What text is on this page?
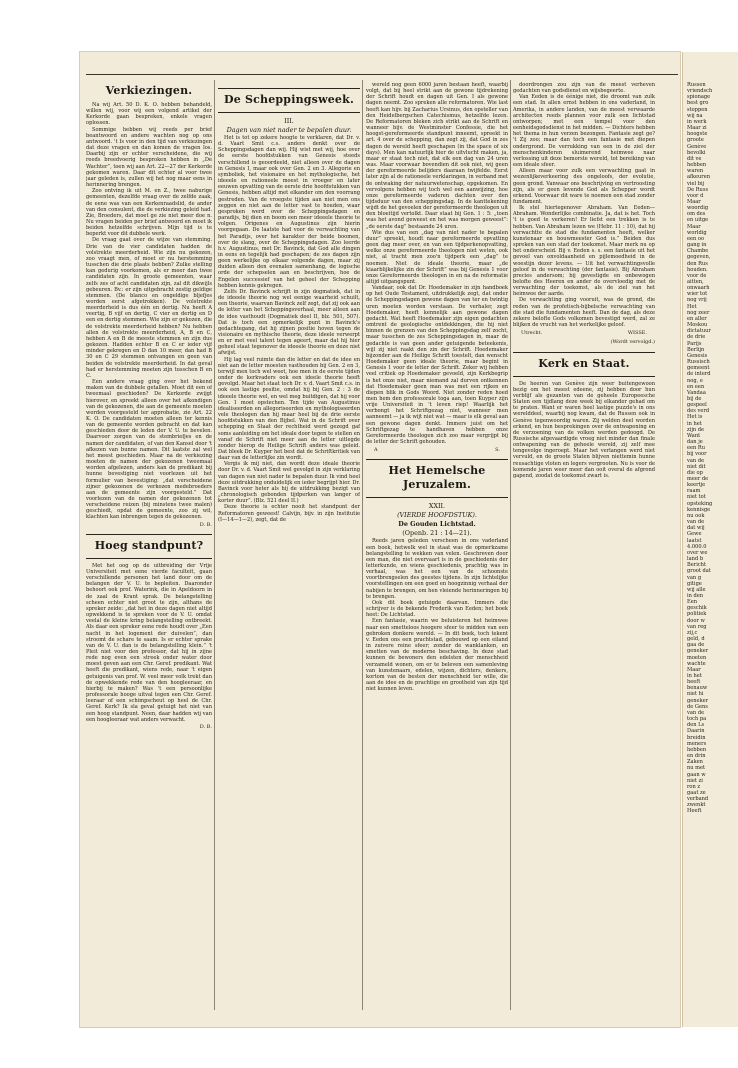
Verkiezingen.

Na wij Art. 50 D. K. O. hebben behandeld, willen wij, voor wij een volgend artikel der Kerkorde gaan bespreken, enkele vragen oplossen.

Sommige hebben wij reeds per brief beantwoord en andere wachten nog op ons antwoord. 't Is voor in den tijd van verkiezingen dat deze vragen en dan komen de vragen los. Daarbij zijn er echter verscheidene, die wij reeds breedvoerig besproken hebben in „De Wachter”, toen wij aan Art. 22—27 der Kerkorde gekomen waren. Daar dit echter al voor twee jaar geleden is, zullen wij het nog maar eens in herinnering brengen.

Zoo ontving ik uit M. en Z., twee naburige gemeenten, dezelfde vraag over de zelfde zaak, de eene was van een Kerkenraadslid, de ander van den consulent, die de verkiezing geleid had. Zie, Broeders, dat moet ge zie niet meer doe n. Nu vragen beiden per brief antwoord en moet ik beiden hetzelfde schrijven. Mijn tijd is te beperkt voor dit dubbele werk.

De vraag gaat over de wijze van stemming. Drie van de vier candidaten hadden de volstrekte meerderheid. Wie zijn nu gekozen, zoo vraagt men, of moet er nu herstemming tusschen die drie plaats hebben? Zulke stelling kan gedurig voorkomen, als er meer dan twee candidaten zijn. In groote gemeenten, waar zelfs zes of acht candidaten zijn, zal dit dikwijls gebeuren. Bv.: er zijn uitgebracht zestig geldige stemmen. (De blanco en ongeldige bljefjes worden eerst afgetrokken). De volstrekte meerderheid is dus één en dertig. Nu heeft A veertig, B vijf en dertig, C vier en dertig en D een en dertig stemmen. Wie zijn er gekozen, die de volstrekte meerderheid hebben? Nu hebben allen de volstrekte meerderheid, A, B en C, hebben A en B de meeste stemmen en zijn dus gekozen. Hadden echter B en C er ieder vijf minder gekregen en D dan 10 meer, dan had B 30 en C 29 stemmen ontvangen en geen van beiden de volstrekte meerderheid. In dat geval had er herstemming moeten zijn tusschen B en C.

Een andere vraag ging over het bekend maken van de dubbele getallen. Moet dit een of tweemaal geschieden? De Kerkorde zwijgt hierover, en spreekt alleen over het afkondigen van de gekozenen, die aan de gemeente moeten worden voorgesteld ter approbatie, zie Art. 22 K. O. De candidaten moeten alleen ter kennis van de gemeente worden gebracht en dat kan geschieden door de leden der V. U. te bevelen. Daarvoor zorgen van de stembriefjes en de namen der candidaten, of van den Kansel door 't afkezen van bunne namen. Dit laatste zal wel het meest geschieden. Maar na de verkiezing moeten de namen der gekozenen tweemaal worden afgelezen, anders kan de predikant bij hunne bevestiging niet voorlezen uit het formulier van bevestiging: „dat verscheidene zijner gekozenen de verkozen medebroeders aan de gemeente zijn voorgesteld.” Dat voorlezen van de namen der gekozenen tot verscheidene reizen (bij minstens twee malen) geschiedt, opdat de gemeente, zoo zij wil, klachten kan inbrengen tegen de gekozenen.

D. B.
Hoeg standpunt?

Met het oog op de uitbreiding der Vrije Universiteit met eene vierde faculteit, gaan verschillende personen het land door om de belangen der V. U. te bepleiten. Daaronder behoort ook prof. Waterink, die in Apeldoorn in de zaal de Krant sprak. De belangstelling scheen echter niet groot te zijn, althans de spreker zeide: „dat het in deze dagen niet altijd opwekkend is te spreken voor de V. U. omdat veelal de kleine kring belangstelling ontbreekt. Als daar een spreker eene rede houdt over „Een nacht in het logement der duivelen”, dan stroomt de schare te saam. Is er echter sprake van de V. U. dan is de belangstelling klein.” 't Pleit niet voor den professor, dat hij in zijne rede nog even een streek onder water door moest geven aan een Chr. Geref. predikant. Wat heeft die predikant, wiens rede, naar 't eigen getuigenis van prof. W. veel meer volk trekt dan de opwekkende rede van den hoogleeraar, en hierbij te maken? Was 't een persoonlijke professorale hooge uitval tegen een Chr. Geref. leeraar of een schimpscheut op heel de Chr. Geref. Kerk? Ik sla geval getuigt het niet van een hoog standpunt. Neen, daar hadden wij van een hoogleeraar wat anders verwacht.

D. B.
De Scheppingsweek.
III.
Dagen van niet nader te bepalen duur.

Het is tot op zekere hoogte te verklaren, dat Dr. v. d. Vaart Smit c.s. anders denkt over de Scheppingsdagen dan wij. Hij wist met wij, hoe over de eerste hoofdstukken van Genesis steeds verschillend is geoordeeld, niet alleen over de dagen in Genesis I, maar ook over Gen. 2 en 3. Allegorie en symboliek, het visionaire en het mythologische, het ideeele en rationeele moest in vroeger en later eeuwen opvatting van de eerste drie hoofdstukken van Genesis, hebben altijd met elkander om den voorrang gestreden. Van de vroegste tijden aan niet men ons zeggen en niet aan de letter vast te houden, waar gesproken werd over de Scheppingsdagen en paradijs, bij dien en boom een meer ideeele theorie te volgen. Origenes en Augustinus zijn hierin voorgegaan. De laatste had voor de verwachting van het Paradijs, over het karakter der beide boomen, over de slang, over de Scheppingsdagen. Zoo leerde h.v. Augustinus, met Dr. Bavinck, dat God alle dingen in eens en tegelijk had geschapen; de zes dagen zijn geen werkelijke op elkaar volgende dagen, maar zij duiden alleen den evenalen samenhang, de logische orde der schepselen aan en beschrijven, hoe de Engelen successief van het geheel der Schepping hebben kennis gekregen.

Zelfs Dr. Bavinck schrijft in zijn dogmatiek, dat in de ideeele theorie nog wel eenige waarheid schuilt, een theorie, waarvan Bavinck zelf zegt, dat zij ook aan de letter van het Scheppingsverhaal, meer alleen aan de idee vasthoudt (Dogmatiek deel II, blz. 501, 507). Dat is toch een opmerkelijk punt in Bavinck's gedachtegang, dat hij zijnen positie hoven tegen de visionaire en mythische theorie, deze ideele verwerpt en er met veel talent tegen ageert, maar dat hij hier geheel staat tegenover de ideeele theorie en deze niet afwijst.

Hij lag veel ruimte dan die letter en dat de idee en niet aan de letter moesten vasthouden bij Gen. 2 en 3, terwijl men toch wel weet, hoe men in de eerste tijden onder de kerkvaders ook een ideele theorie heeft gevolgd. Maar het staat toch Dr. v. d. Vaart Smit c.s. in ook een lastige positie, omdat hij bij Gen. 2 : 3 de ideeele theorie wel, en wel meg buitdigen, dat hij voor Gen. 1 moet opstechen. Ten tijde van Augustinus idealiseerden en allegoriseerden en mythologiseerden vele theologen dan hij maar heel bij de drie eerste hoofdstukken van den Bijbel. Wat in de Schrift over schepping en Staat der rechtheid werd gezegd gaf soms aanleiding om het ideale door tegen te stellen en vanaf de Schrift niet meer aan de letter uitlegde zonder hierop de Heilige Schrift anders was geleid. Dat bleek Dr. Kuyper het best dat de Schriftkritiek van daar van de letterlijke zin wordt.

Vergis ik mij niet, dan wordt deze ideale theorie door Dr. v. d. Vaart Smit wel gevolgd in zijn verklaring van dagen van niet nader te bepalen duur. Ik vind heel deze uitdrukking onduidelijk en ieder begrijpt hier. Dr. Bavinck voor heter als hij de uitdrukking bezigt van „chronologisch gebonden tijdperken van langer of korter duur”. (Blz. 521 deel II.)

Deze theorie is echter nooit het standpunt der Reformatoren geweest! Calvijn, bijv. in zijn Institutie (I—14—1—2), zegt, dat de

wereld nog geen 6000 jaren bestaan heeft, waarbij volgt, dat bij heel strikt aan de gewone tijdrekening der Schrift houdt en dagen uit Gen. I als gewone dagen neemt. Zoo spreken alle reformatoren. Wie last heeft kan hijv. bij Zacharius Ursinus, den opsteller van den Heidelbergschen Catechismus, hetzelfde lezen. De Reformatoren bleken zich strikt aan de Schrift en wanneer bijv. de Westminster Confessie, die het hoogst-gereformeerde standpunt inneemt, spreekt in art. 4 over de schepping, dan zegt zij, dat God in zes dagen de wereld heeft geschapen (in the space of six days). Men kan natuurlijk hier de uitvlucht maken, ja, maar er staat toch niet, dat elk een dag van 24 uren was. Maar voorwaar bovendien dit ook niet, wij geen der gereformeerde belijders daaraan twijfelde. Eerst later zijn al de rationeele verklaringen, in verband met de ontwaking der natuurwetenschap, opgekomen. En vervolgens hebben wij toch wel een aanwijzing, hoe onze gereformeerde vaderen dachten over den tijdsduur van den scheppingsdag. In de kanttekening wijdt de het gevoelen der gereformeerde theologen uit den bloeitijd vertolkt. Daar staat bij Gen. 1 : 5: „toen was het avond geweest en het was morgen geweest”: „de eerste dag” bestaande 24 uren.

Wie dus van een „dag van niet nader te bepalen duur” spreekt, houdt naar gereformeerde opvatting geen dag meer over, en van een tijdperkenopvatting, welke onze gereformeerde theologen niet weten, ook niet, al tracht men zoo'n tijdperk een „dag” te noemen. Niet de ideale theorie, maar „de kiaarblijkelijke zin der Schrift” was bij Genesis 1 voor onze Gereformeerde theologen in en na de reformatie altijd uitgangspunt.

Vandaar, ook dat Dr. Hoedemaker in zijn handboek op het Oude Testament, uitdrukkelijk zegt, dat onder de Scheppingsdagen gewone dagen van ter en twintig uren moeten worden verstaan. De verhaler, zegt Hoedemaker, heeft kennelijk aan gewone dagen gedacht. Wat heeft Hoedemaker zijn eigen gedachten omtrent de geologische ontdekkingen, die hij niet binnen de grenzen van den Scheppingsdag zelf zocht, maar tusschen de zes Scheppingsdagen in, maar de gedachte is van geen ander getuigende beteekenis, wijl zij niet raakt den zin der Schrift. Hoedemaker bijzonder aan de Heilige Schrift toestelt, dan wenscht Hoedemaker geen ideale theorie, maar begint in Genesis 1 voor de letter der Schrift. Zeker wij hebben veel critiek op Hoedemaker gevoeld, zijn Kerkbegrip is het onze niet, maar niemand zal durven ontkennen dat Hoedemaker geen man was met een rijken en diepen blik in Gods Woord. Niet zonder reden hoed men hem den professorale toga aan, toen Kuyper zijn vrije Universiteit in 't leven riep! Waarlijk het verbongt het Schriftgezag niet, wanneer men aanneemt — ja ik wijt niet wat — maar is elk geval aan een gewone dagen denkt. Immers juist om het Schriftgezag te handhaven hebben onze Gereformeerde theologen zich zoo maar vergrijpt bij de letter der Schrift gehouden.

A	S.
Het Hemelsche Jeruzalem.
XXII.
(VIERDE HOOFDSTUK).
De Gouden Lichtstad.
(Openb. 21 : 14—21).

Reeds jaren geleden verscheen in ons vaderland een boek, hetwelk wel in staat was de opmerkzame belangstelling te wekken van velen. Geschreven door een man, die niet overvaart is in de geschiedenis der letterkunde, en wiens geschiedenis, prachtig was in verhaal, was het een van de schoonste voortbrengselen des geestes tijdens. In zijn lichtelijke voorstellingen om een goed en hoogzinnig verhaal der nabijen te brengen, om hen vleiende herinneringen bij te brengen.

Ook dit boek getuigde daarvan. Immers die schrijver is de bekende Frederik van Eeden; het boek heet: De Lichtstad.

Een fantasie, waarin we beluisteren het heimwee naar een smetteloos hoogere sfeer te midden van een gebroken donkere wereld. — In dit boek, toch tekent v. Eeden ons een prachtstad, gebouwd op een eiland in zuivere reine sfeer; zonder de wanklanken, en smetten van de moderne beschaving. In deze stad kunnen de bewoners den edelsten der menschheid verzameld wonen, om er te beleven een samenleving van kunstenaars, edelen, wijzen, dichters, denkers, kortom van de besten der menschheid ter wille, die aan de idee en de prachtige en grootheid van zijn tijd niet kunnen leven.

doordrongen zou zijn van de meest verheven gedachten van godsdienst en wijsbegeerte.

Van Eeden is de éénige niet, die droomt van zulk een stad. In allen ernst hebben in ons vaderland, in Amerika, in andere landen, van de meest verwaarde architecten reeds plannen voor zulk een lichtstad ontworpen; met een tempel voor den eenheidsgodsdienst in het midden. — Dichters hebben het thema in hun verzen bezongen. Fantasie zegt ge? 't Zij zoo; maar dan toch een fantasie met diepen ondergrond. De verrukking van een in de ziel der menschenkinderen sluimerend heimwee naar verlossing uit deze bemorste wereld, tot bereiking van een ideale sfeer.

Alleen maar voor zulk een verwachting gaat in wezenlijkeverkeering des ongeloofs, der evolutie, geen grond. Vanwaar ons beschrijving en vertroosting zijn, als er geen levende God als Schepper wordt erkend. Voorwaar dit ware te noemen een stad zonder fundament.

Ik stel hiertegenover Abraham. Van Eeden—Abraham. Wonderlijke combinatie. Ja, dat is het. Toch 't is goed te verkeren! Er liefst een trekken is te hebben. Van Abraham lezen we (Hebr. 11 : 10), dat hij verwachtte de stad die fundamenten heeft, welker kunstenaar en bouwmeester God is.” Beiden dus spreken van een stad der toekomst. Maar merk nu op het onderscheid. Bij v. Eeden s. s. een fantasie uit het gevoel van onvoldaanheid en pijlemoedheid in de woestijn dezer levens. — Uit het verwachtingsvolle geloof in de verwachting (der fantasie). Bij Abraham precies andersom; bij gevestigde en onbewogen belofte des Heeren en ander de overvloedig met de verwachting der toekomst, als de ziel van het heimwee der aarde.

De verwachting ging vooruit, was de grond, die reden van de profetisch-bijbelsche verwachting van die stad die fundamenten heeft. Dan de dag, als deze zekere belofte Gods volkomen bevestigd werd, zal ze blijken de vrucht van het werkelijke geloof.

Utrecht.	WISSE.
(Wordt vervolgd.)
Kerk en Staat.

De heeren van Genève zijn weer buitengewoon bezig om het meest edeene, zij hebben door hun verblijf als gezanten van de geheele Europeesche Staten een tijdlang deze week bij elkander gehad om te praten. Want er waren heel lastige puzzle's in ons werelddeel, waarbij nog kwam, dat de Russen ook in Genève tegenwoordig waren. Zij welden deel worden erkend, en hun besprekingen over de ontwapening en de verzoening van de volken werden gedoogd. De Russische afgevaardigde vroeg niet minder dan finale ontwapening van de geheele wereld, zij zelf mee tengevolge ingeroept. Maar het verlangen werd niet vervuld, en de groote Staten blijven niettemin hunne reusachtige vloten en legers vergrooten. Nu is voor de komende jaren weer meer dan ooit overal de afgrond gapend, zoodat de toekomst zwart is.

Russen
vriendsch
spionage
best gro
stoppen
wij na
in werk
Maar zi
hoogste
groote
Genève
bevolki
dit ve
hebben
waren
afkeuren
viel bij
De Russ
voor d
Maar
woordig
om des
en uitge
Maar
worldig
een oo
gang in
Chambe
gegeven,
den Rus
houden.
voor de
aitten,
onwaarh
wier tot
nog vrij
Het
nog zeer
en aller
Moskou
dictatuur
de drie
Parijs
Berlijn
Genesis
Russisch
gemeent
de interd
nog, e
en een
Vandaa
bij de
gespeel
des verd
Het is
in het
zijn de
Want
dan je
een Ru
bij voor
van de
niet dit
die op
meer de
keertje
raam
niet tot
opsteking
kennisge
nu ook
van de
dat wij
Gewe
laatst
4.000.0
over we
land b
Bericht
groot dat
van g
gitige
wij alle
in den
Een
geschik
politiek
door w
van reg
zij,c
geld, d
gaa de
geneker
moeten
wachte
Maar
in het
heeft
benauw
niet hi
geneker
de Gens
van de
toch pa
den Ls
Daarin
breidin
meners
hebben
en drin
Zaken
nu met
gaan w
niet zi
ron z
gaat ze
verband
zwenkt
Heeft
